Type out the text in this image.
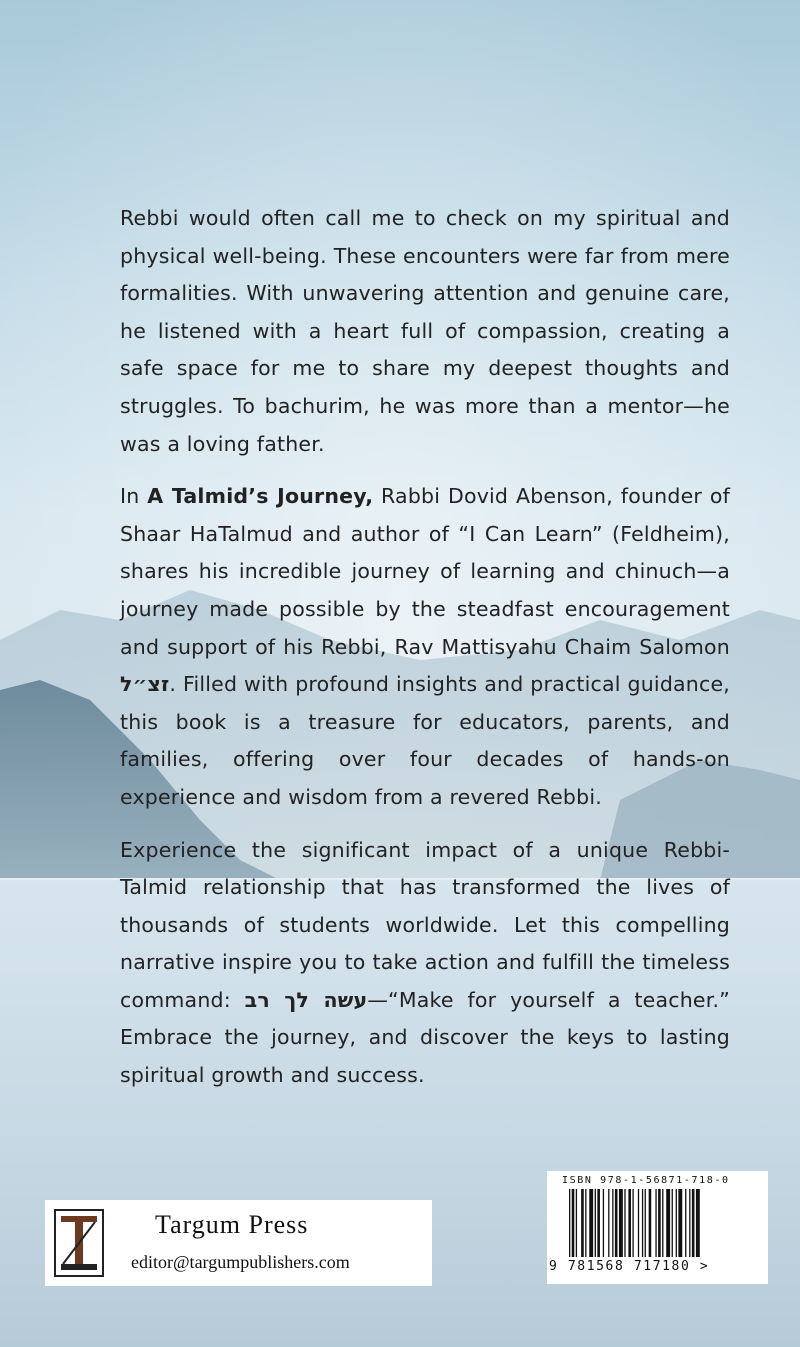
Rebbi would often call me to check on my spiritual and physical well-being. These encounters were far from mere formalities. With unwavering attention and genuine care, he listened with a heart full of compassion, creating a safe space for me to share my deepest thoughts and struggles. To bachurim, he was more than a mentor—he was a loving father.

In A Talmid’s Journey, Rabbi Dovid Abenson, founder of Shaar HaTalmud and author of “I Can Learn” (Feldheim), shares his incredible journey of learning and chinuch—a journey made possible by the steadfast encouragement and support of his Rebbi, Rav Mattisyahu Chaim Salomon זצ״ל. Filled with profound insights and practical guidance, this book is a treasure for educators, parents, and families, offering over four decades of hands-on experience and wisdom from a revered Rebbi.

Experience the significant impact of a unique Rebbi-Talmid relationship that has transformed the lives of thousands of students worldwide. Let this compelling narrative inspire you to take action and fulfill the timeless command: עשה לך רב—“Make for yourself a teacher.” Embrace the journey, and discover the keys to lasting spiritual growth and success.

Targum Press
editor@targumpublishers.com
ISBN 978-1-56871-718-0
9 781568 717180 >
